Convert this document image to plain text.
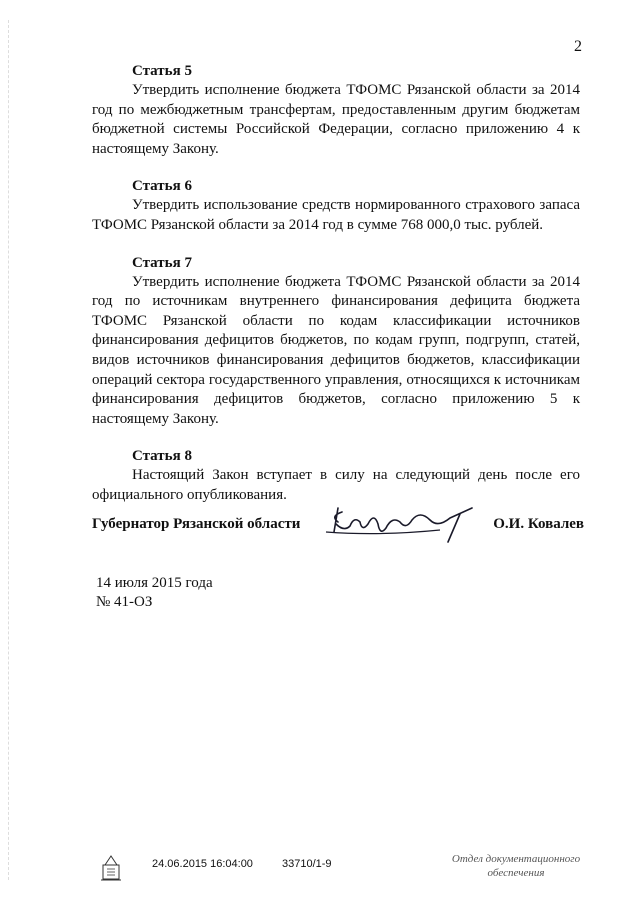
2
Статья 5
Утвердить исполнение бюджета ТФОМС Рязанской области за 2014 год по межбюджетным трансфертам, предоставленным другим бюджетам бюджетной системы Российской Федерации, согласно приложению 4 к настоящему Закону.
Статья 6
Утвердить использование средств нормированного страхового запаса ТФОМС Рязанской области за 2014 год в сумме 768 000,0 тыс. рублей.
Статья 7
Утвердить исполнение бюджета ТФОМС Рязанской области за 2014 год по источникам внутреннего финансирования дефицита бюджета ТФОМС Рязанской области по кодам классификации источников финансирования дефицитов бюджетов, по кодам групп, подгрупп, статей, видов источников финансирования дефицитов бюджетов, классификации операций сектора государственного управления, относящихся к источникам финансирования дефицитов бюджетов, согласно приложению 5 к настоящему Закону.
Статья 8
Настоящий Закон вступает в силу на следующий день после его официального опубликования.
Губернатор Рязанской области	О.И. Ковалев
14 июля 2015 года
№ 41-ОЗ
24.06.2015 16:04:00	33710/1-9	Отдел документационного
обеспечения
